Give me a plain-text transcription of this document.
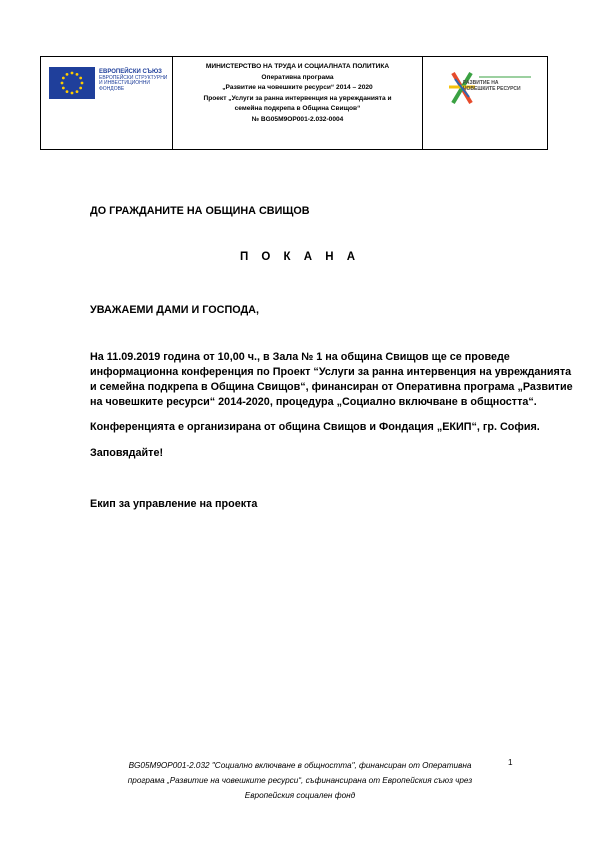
ЕВРОПЕЙСКИ СЪЮЗ
ЕВРОПЕЙСКИ СТРУКТУРНИ И ИНВЕСТИЦИОННИ ФОНДОВЕ
МИНИСТЕРСТВО НА ТРУДА И СОЦИАЛНАТА ПОЛИТИКА
Оперативна програма
„Развитие на човешките ресурси“ 2014 – 2020
Проект „Услуги за ранна интервенция на уврежданията и
семейна подкрепа в Община Свищов“
№ BG05M9OP001-2.032-0004
РАЗВИТИЕ НА
ЧОВЕШКИТЕ РЕСУРСИ
ДО ГРАЖДАНИТЕ НА ОБЩИНА СВИЩОВ
П О К А Н А
УВАЖАЕМИ ДАМИ И ГОСПОДА,
На 11.09.2019 година от 10,00 ч., в Зала № 1 на община Свищов ще се проведе
информационна конференция по Проект “Услуги за ранна интервенция на уврежданията
и семейна подкрепа в Община Свищов“, финансиран от Оперативна програма „Развитие
на човешките ресурси“ 2014-2020, процедура „Социално включване в общността“.
Конференцията е организирана от община Свищов и Фондация „ЕКИП“, гр. София.
Заповядайте!
Екип за управление на проекта
BG05M9OP001-2.032 "Социално включване в общността", финансиран от Оперативна
програма „Развитие на човешките ресурси“, съфинансирана от Европейския съюз чрез
Европейския социален фонд
1
